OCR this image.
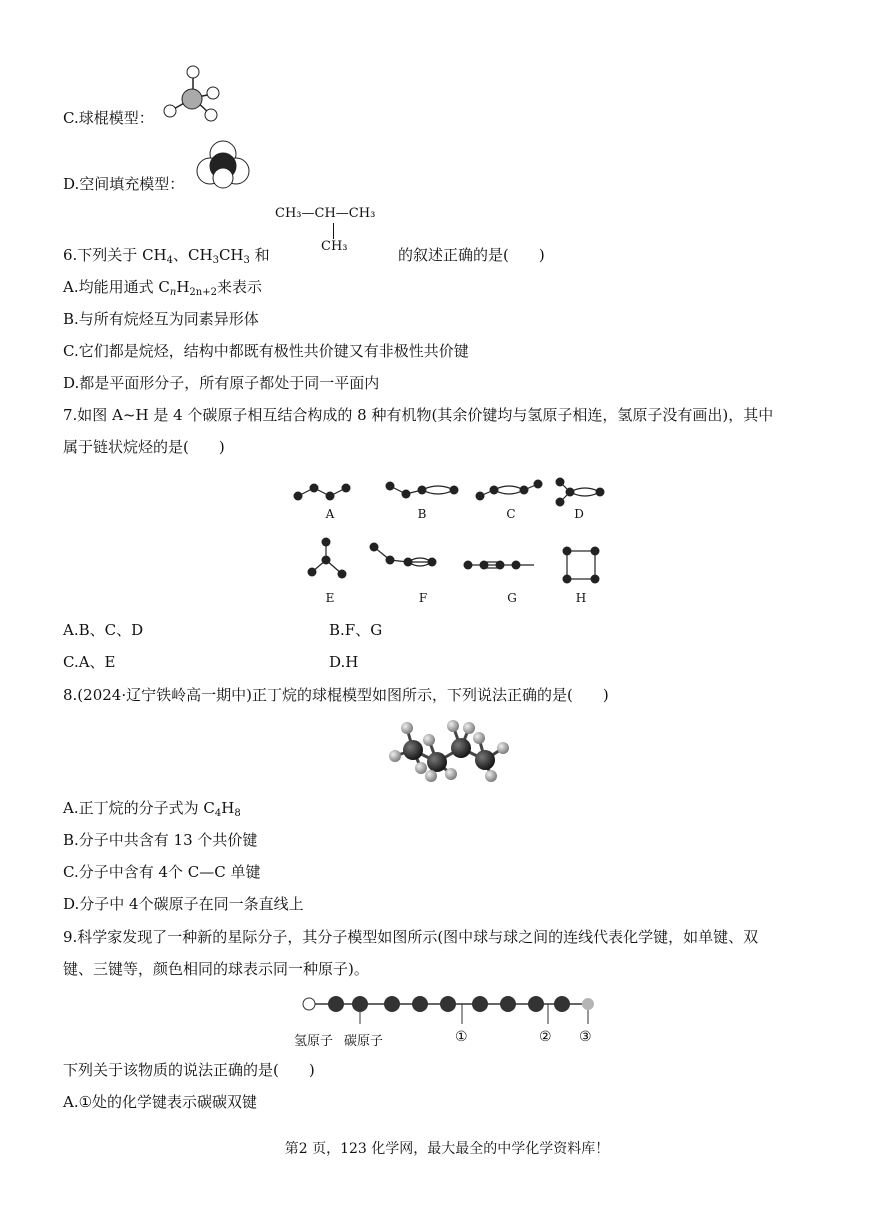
C.球棍模型：
D.空间填充模型：
CH₃—CH—CH₃
CH₃
6.下列关于 $CH_4$、$CH_3CH_3$ 和	的叙述正确的是(　　)
A.均能用通式 $C_nH_{2n+2}$来表示
B.与所有烷烃互为同素异形体
C.它们都是烷烃，结构中都既有极性共价键又有非极性共价键
D.都是平面形分子，所有原子都处于同一平面内
7.如图 A~H 是 4 个碳原子相互结合构成的 8 种有机物(其余价键均与氢原子相连，氢原子没有画出)，其中
属于链状烷烃的是(　　)
A	B	C	D
E	F	G	H
A.B、C、D	B.F、G
C.A、E	D.H
8.(2024·辽宁铁岭高一期中)正丁烷的球棍模型如图所示，下列说法正确的是(　　)
A.正丁烷的分子式为 $C_4H_8$
B.分子中共含有 13 个共价键
C.分子中含有 4个 C—C 单键
D.分子中 4个碳原子在同一条直线上
9.科学家发现了一种新的星际分子，其分子模型如图所示(图中球与球之间的连线代表化学键，如单键、双
键、三键等，颜色相同的球表示同一种原子)。
氢原子 碳原子	①	② ③
下列关于该物质的说法正确的是(　　)
A.①处的化学键表示碳碳双键
第2 页，123 化学网，最大最全的中学化学资料库！
